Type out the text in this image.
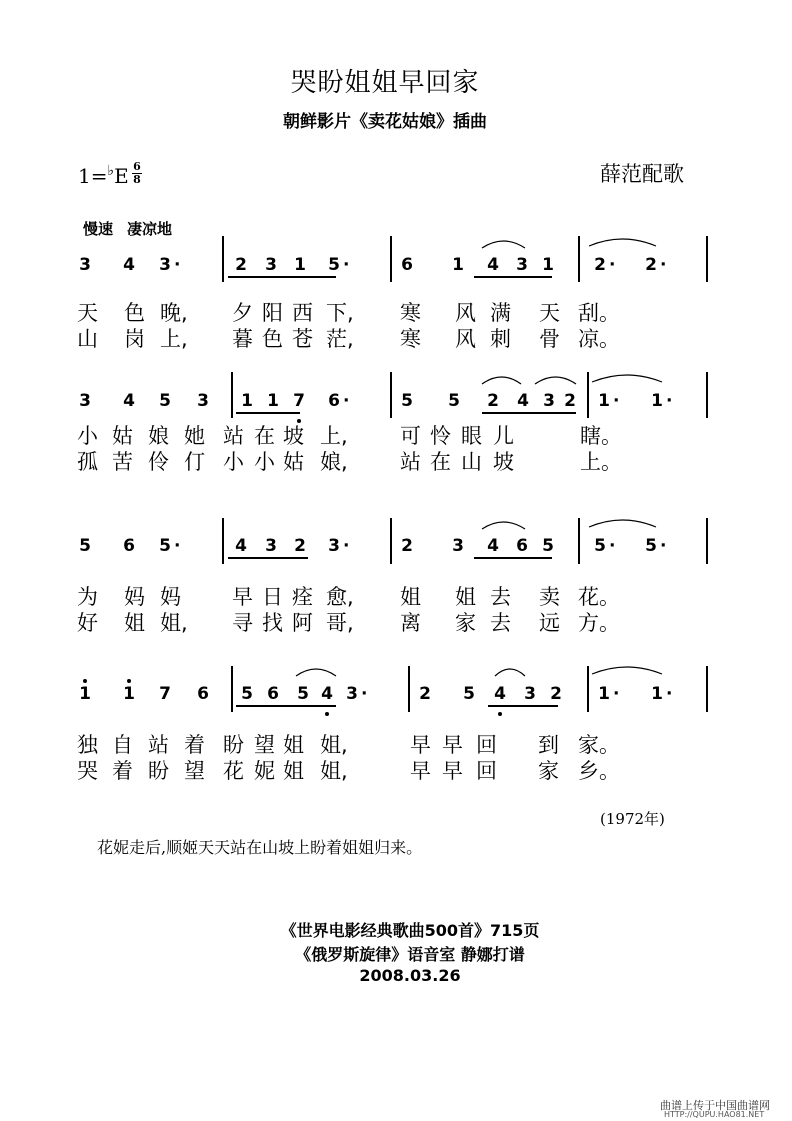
哭盼姐姐早回家
朝鲜影片《卖花姑娘》插曲
1=♭E 6
8	薛范配歌
慢速 凄凉地
3 4 3 ·	2 3 1 5 ·	6 1 4 3 1 2 · 2 ·
天 色 晚, 夕 阳 西 下, 寒 风 满 天 刮。
山 岗 上, 暮 色 苍 茫, 寒 风 刺 骨 凉。
3 4 5 3 1 1 7 6 ·	5 5 2 4 3 2 1 · 1 ·
小 姑 娘 她 站 在 坡 上, 可 怜 眼 儿	瞎。
孤 苦 伶 仃 小 小 姑 娘, 站 在 山 坡	上。
5 6 5 ·	4 3 2 3 ·	2 3 4 6 5 5 · 5 ·
为 妈 妈 早 日 痊 愈, 姐 姐 去 卖 花。
好 姐 姐, 寻 找 阿 哥, 离 家 去 远 方。
1 1 7 6 5 6 5 4 3 ·	2 5 4 3 2 1 · 1 ·
独 自 站 着 盼 望 姐 姐,	早 早 回 到 家。
哭 着 盼 望 花 妮 姐 姐,	早 早 回 家 乡。
(1972年)
花妮走后,顺姬天天站在山坡上盼着姐姐归来。
《世界电影经典歌曲500首》715页
《俄罗斯旋律》语音室 静娜打谱
2008.03.26
曲谱上传于中国曲谱网
HTTP://QUPU.HAO81.NET
